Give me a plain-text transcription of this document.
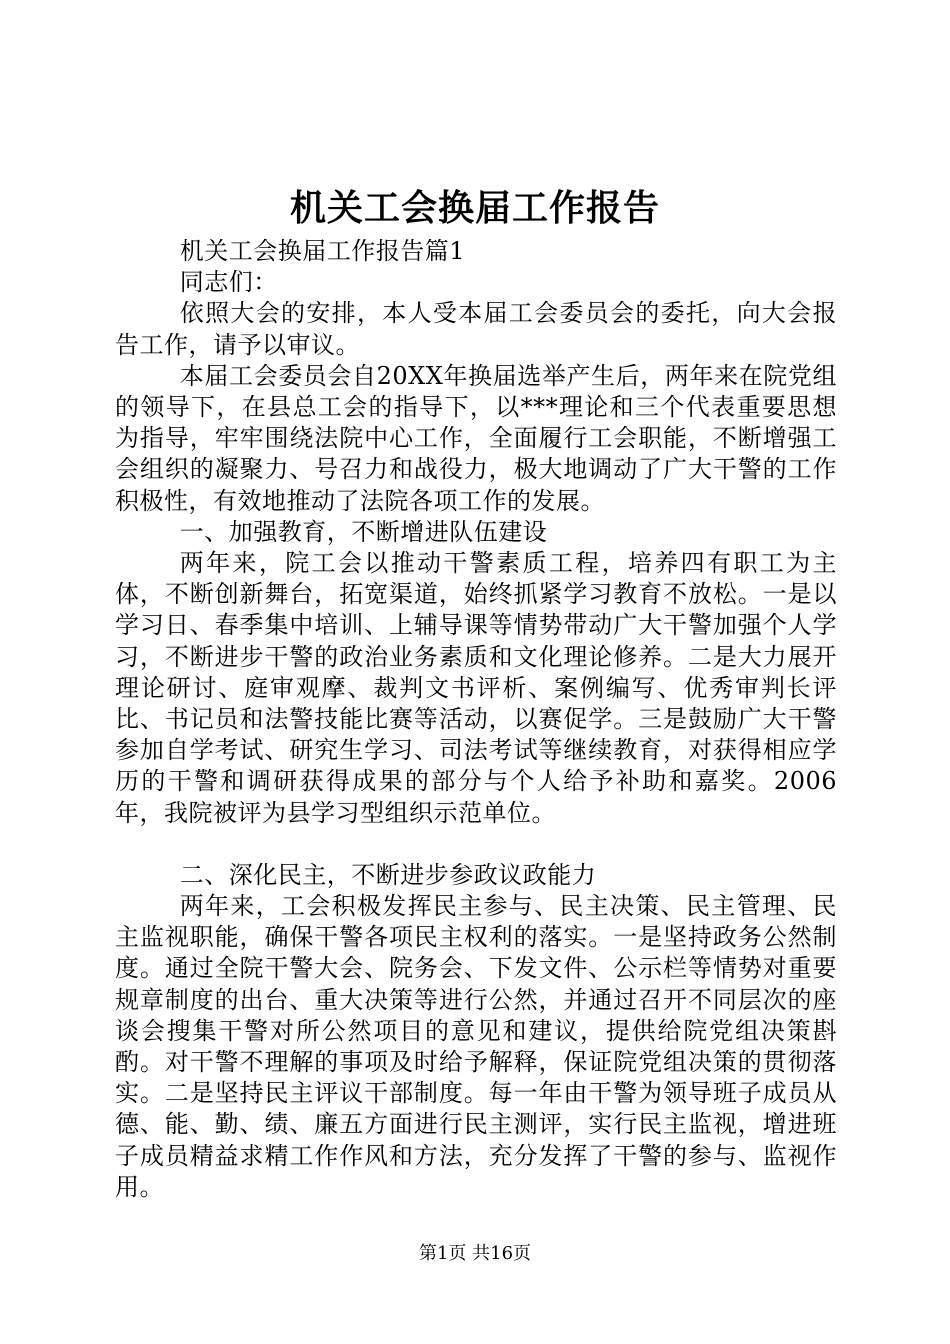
机关工会换届工作报告

机关工会换届工作报告篇1

同志们：

依照大会的安排，本人受本届工会委员会的委托，向大会报告工作，请予以审议。

本届工会委员会自20XX年换届选举产生后，两年来在院党组的领导下，在县总工会的指导下，以***理论和三个代表重要思想为指导，牢牢围绕法院中心工作，全面履行工会职能，不断增强工会组织的凝聚力、号召力和战役力，极大地调动了广大干警的工作积极性，有效地推动了法院各项工作的发展。

一、加强教育，不断增进队伍建设

两年来，院工会以推动干警素质工程，培养四有职工为主体，不断创新舞台，拓宽渠道，始终抓紧学习教育不放松。一是以学习日、春季集中培训、上辅导课等情势带动广大干警加强个人学习，不断进步干警的政治业务素质和文化理论修养。二是大力展开理论研讨、庭审观摩、裁判文书评析、案例编写、优秀审判长评比、书记员和法警技能比赛等活动，以赛促学。三是鼓励广大干警参加自学考试、研究生学习、司法考试等继续教育，对获得相应学历的干警和调研获得成果的部分与个人给予补助和嘉奖。2006年，我院被评为县学习型组织示范单位。

二、深化民主，不断进步参政议政能力

两年来，工会积极发挥民主参与、民主决策、民主管理、民主监视职能，确保干警各项民主权利的落实。一是坚持政务公然制度。通过全院干警大会、院务会、下发文件、公示栏等情势对重要规章制度的出台、重大决策等进行公然，并通过召开不同层次的座谈会搜集干警对所公然项目的意见和建议，提供给院党组决策斟酌。对干警不理解的事项及时给予解释，保证院党组决策的贯彻落实。二是坚持民主评议干部制度。每一年由干警为领导班子成员从德、能、勤、绩、廉五方面进行民主测评，实行民主监视，增进班子成员精益求精工作作风和方法，充分发挥了干警的参与、监视作用。

第1页 共16页
